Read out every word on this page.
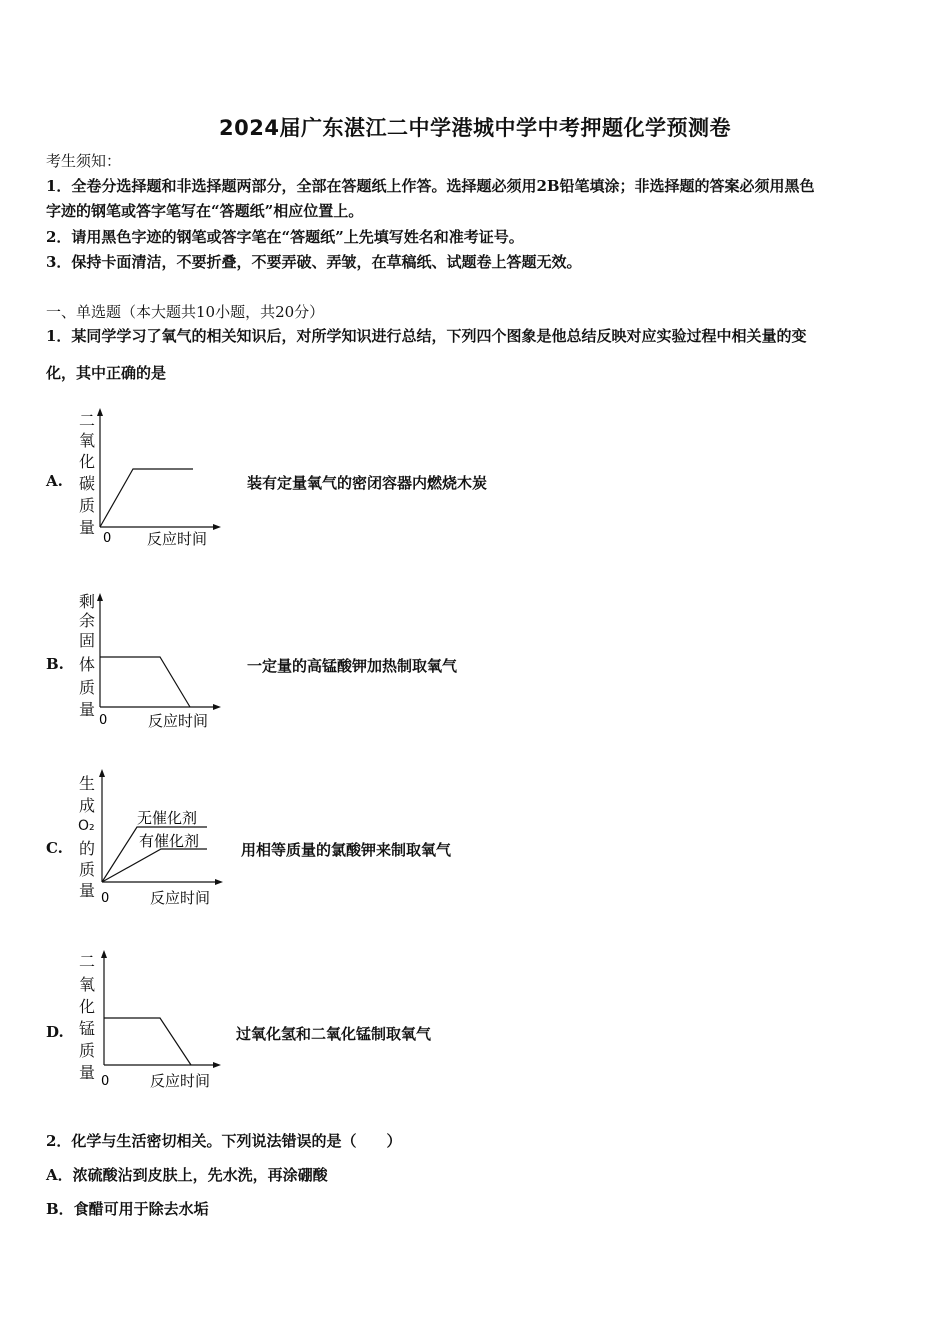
2024届广东湛江二中学港城中学中考押题化学预测卷
考生须知：
1．全卷分选择题和非选择题两部分，全部在答题纸上作答。选择题必须用2B铅笔填涂；非选择题的答案必须用黑色
字迹的钢笔或答字笔写在“答题纸”相应位置上。
2．请用黑色字迹的钢笔或答字笔在“答题纸”上先填写姓名和准考证号。
3．保持卡面清洁，不要折叠，不要弄破、弄皱，在草稿纸、试题卷上答题无效。
一、单选题（本大题共10小题，共20分）
1．某同学学习了氧气的相关知识后，对所学知识进行总结，下列四个图象是他总结反映对应实验过程中相关量的变
化，其中正确的是
A.
二
氧
化
碳
质
量
0 反应时间
装有定量氧气的密闭容器内燃烧木炭
B.
剩
余
固
体
质
量
0	反应时间
一定量的高锰酸钾加热制取氧气
C.
生
成
O₂
的
质
量
无催化剂
有催化剂
0	反应时间
用相等质量的氯酸钾来制取氧气
D.
二
氧
化
锰
质
量 0	反应时间
过氧化氢和二氧化锰制取氧气
2．化学与生活密切相关。下列说法错误的是（　　）
A．浓硫酸沾到皮肤上，先水洗，再涂硼酸
B．食醋可用于除去水垢
